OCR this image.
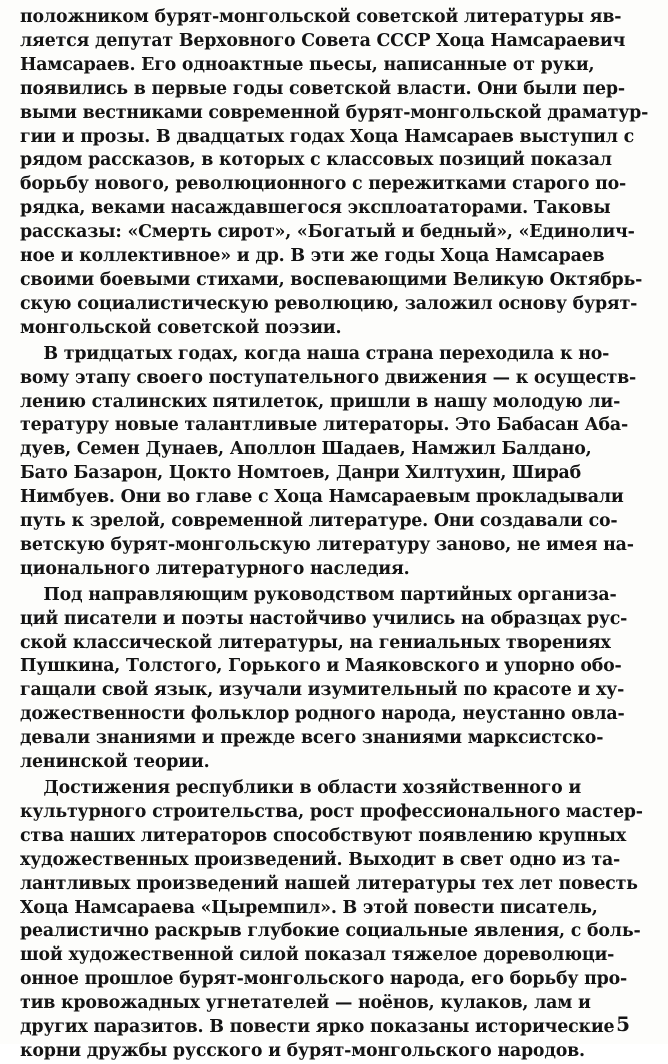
положником бурят-монгольской советской литературы яв-
ляется депутат Верховного Совета СССР Хоца Намсараевич
Намсараев. Его одноактные пьесы, написанные от руки,
появились в первые годы советской власти. Они были пер-
выми вестниками современной бурят-монгольской драматур-
гии и прозы. В двадцатых годах Хоца Намсараев выступил с
рядом рассказов, в которых с классовых позиций показал
борьбу нового, революционного с пережитками старого по-
рядка, веками насаждавшегося эксплоататорами. Таковы
рассказы: «Смерть сирот», «Богатый и бедный», «Единолич-
ное и коллективное» и др. В эти же годы Хоца Намсараев
своими боевыми стихами, воспевающими Великую Октябрь-
скую социалистическую революцию, заложил основу бурят-
монгольской советской поэзии.
В тридцатых годах, когда наша страна переходила к но-
вому этапу своего поступательного движения — к осуществ-
лению сталинских пятилеток, пришли в нашу молодую ли-
тературу новые талантливые литераторы. Это Бабасан Аба-
дуев, Семен Дунаев, Аполлон Шадаев, Намжил Балдано,
Бато Базарон, Цокто Номтоев, Данри Хилтухин, Шираб
Нимбуев. Они во главе с Хоца Намсараевым прокладывали
путь к зрелой, современной литературе. Они создавали со-
ветскую бурят-монгольскую литературу заново, не имея на-
ционального литературного наследия.
Под направляющим руководством партийных организа-
ций писатели и поэты настойчиво учились на образцах рус-
ской классической литературы, на гениальных творениях
Пушкина, Толстого, Горького и Маяковского и упорно обо-
гащали свой язык, изучали изумительный по красоте и ху-
дожественности фольклор родного народа, неустанно овла-
девали знаниями и прежде всего знаниями марксистско-
ленинской теории.
Достижения республики в области хозяйственного и
культурного строительства, рост профессионального мастер-
ства наших литераторов способствуют появлению крупных
художественных произведений. Выходит в свет одно из та-
лантливых произведений нашей литературы тех лет повесть
Хоца Намсараева «Цыремпил». В этой повести писатель,
реалистично раскрыв глубокие социальные явления, с боль-
шой художественной силой показал тяжелое дореволюци-
онное прошлое бурят-монгольского народа, его борьбу про-
тив кровожадных угнетателей — ноёнов, кулаков, лам и
других паразитов. В повести ярко показаны исторические
корни дружбы русского и бурят-монгольского народов.
5
